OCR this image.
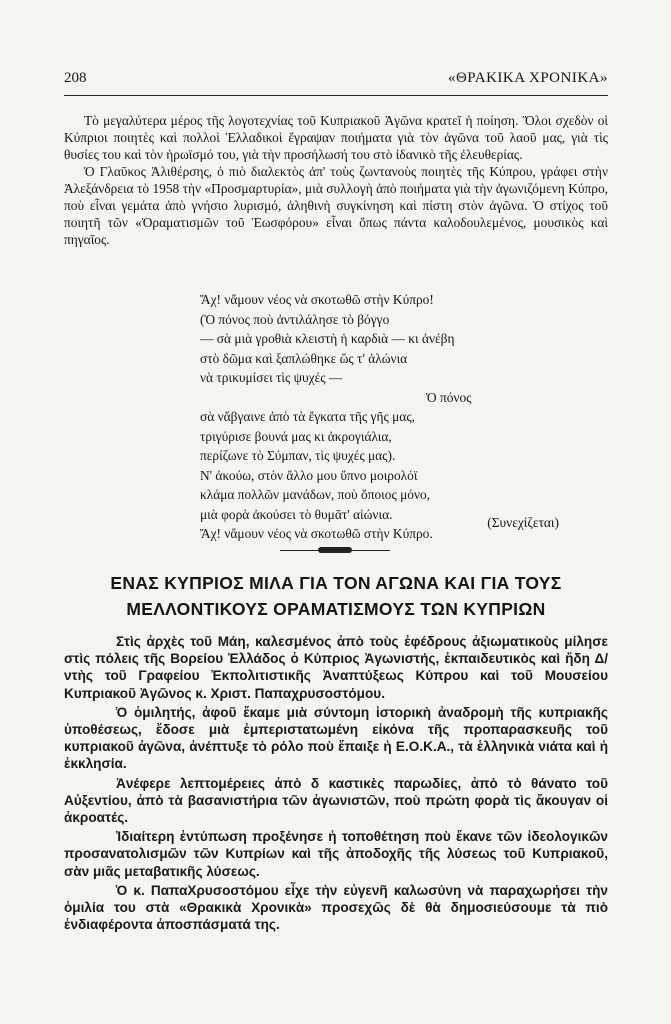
208	«ΘΡΑΚΙΚΑ ΧΡΟΝΙΚΑ»

Τὸ μεγαλύτερα μέρος τῆς λογοτεχνίας τοῦ Κυπριακοῦ Ἀγῶνα κρατεῖ ἡ ποίηση. Ὅλοι σχεδὸν οἱ Κύπριοι ποιητὲς καὶ πολλοὶ Ἑλλαδικοὶ ἔγραψαν ποιήματα γιὰ τὸν ἀγῶνα τοῦ λαοῦ μας, γιὰ τὶς θυσίες του καὶ τὸν ἡρωϊσμό του, γιὰ τὴν προσήλωσή του στὸ ἰδανικὸ τῆς ἐλευθερίας.

Ὁ Γλαῦκος Ἀλιθέρσης, ὁ πιὸ διαλεκτὸς ἀπ' τοὺς ζωντανοὺς ποιητὲς τῆς Κύπρου, γράφει στὴν Ἀλεξάνδρεια τὸ 1958 τὴν «Προσμαρτυρία», μιὰ συλλογὴ ἀπὸ ποιήματα γιὰ τὴν ἀγωνιζόμενη Κύπρο, ποὺ εἶναι γεμάτα ἀπὸ γνήσιο λυρισμό, ἀληθινὴ συγκίνηση καὶ πίστη στὸν ἀγῶνα. Ὁ στίχος τοῦ ποιητῆ τῶν «Ὁραματισμῶν τοῦ Ἑωσφόρου» εἶναι ὅπως πάντα καλοδουλεμένος, μουσικὸς καὶ πηγαῖος.

Ἄχ! νἄμουν νέος νὰ σκοτωθῶ στὴν Κύπρο!
(Ὁ πόνος ποὺ ἀντιλάλησε τὸ βόγγο
— σὰ μιὰ γροθιὰ κλειστὴ ἡ καρδιὰ — κι ἀνέβη
στὸ δῶμα καὶ ξαπλώθηκε ὥς τ' ἁλώνια
νὰ τρικυμίσει τὶς ψυχές —
Ὁ πόνος
σὰ νἄβγαινε ἀπὸ τὰ ἔγκατα τῆς γῆς μας,
τριγύρισε βουνά μας κι ἀκρογιάλια,
περίζωνε τὸ Σύμπαν, τὶς ψυχές μας).
Ν' ἀκούω, στὸν ἄλλο μου ὕπνο μοιρολόϊ
κλάμα πολλῶν μανάδων, ποὺ ὅποιος μόνο,
μιὰ φορὰ ἀκούσει τὸ θυμᾶτ' αἰώνια.
Ἄχ! νἄμουν νέος νὰ σκοτωθῶ στὴν Κύπρο.
(Συνεχίζεται)
ΕΝΑΣ ΚΥΠΡΙΟΣ ΜΙΛΑ ΓΙΑ ΤΟΝ ΑΓΩΝΑ ΚΑΙ ΓΙΑ ΤΟΥΣ
ΜΕΛΛΟΝΤΙΚΟΥΣ ΟΡΑΜΑΤΙΣΜΟΥΣ ΤΩΝ ΚΥΠΡΙΩΝ

Στὶς ἀρχὲς τοῦ Μάη, καλεσμένος ἀπὸ τοὺς ἐφέδρους ἀξιωματικοὺς μίλησε στὶς πόλεις τῆς Βορείου Ἑλλάδος ὁ Κύπριος Ἀγωνιστής, ἐκπαιδευτικὸς καὶ ἤδη Δ/ντὴς τοῦ Γραφείου Ἐκπολιτιστικῆς Ἀναπτύξεως Κύπρου καὶ τοῦ Μουσείου Κυπριακοῦ Ἀγῶνος κ. Χριστ. Παπαχρυσοστόμου.

Ὁ ὁμιλητής, ἀφοῦ ἔκαμε μιὰ σύντομη ἱστορικὴ ἀναδρομὴ τῆς κυπριακῆς ὑποθέσεως, ἔδοσε μιὰ ἐμπεριστατωμένη εἰκόνα τῆς προπαρασκευῆς τοῦ κυπριακοῦ ἀγῶνα, ἀνέπτυξε τὸ ρόλο ποὺ ἔπαιξε ἡ Ε.Ο.Κ.Α., τὰ ἑλληνικὰ νιάτα καὶ ἡ ἐκκλησία.

Ἀνέφερε λεπτομέρειες ἀπὸ δ καστικὲς παρωδίες, ἀπὸ τὸ θάνατο τοῦ Αὐξεντίου, ἀπὸ τὰ βασανιστήρια τῶν ἀγωνιστῶν, ποὺ πρώτη φορὰ τὶς ἄκουγαν οἱ ἀκροατές.

Ἰδιαίτερη ἐντύπωση προξένησε ἡ τοποθέτηση ποὺ ἔκανε τῶν ἰδεολογικῶν προσανατολισμῶν τῶν Κυπρίων καὶ τῆς ἀποδοχῆς τῆς λύσεως τοῦ Κυπριακοῦ, σὰν μιᾶς μεταβατικῆς λύσεως.

Ὁ κ. ΠαπαΧρυσοστόμου εἶχε τὴν εὐγενῆ καλωσύνη νὰ παραχωρήσει τὴν ὁμιλία του στὰ «Θρακικὰ Χρονικὰ» προσεχῶς δὲ θὰ δημοσιεύσουμε τὰ πιὸ ἐνδιαφέροντα ἀποσπάσματά της.
